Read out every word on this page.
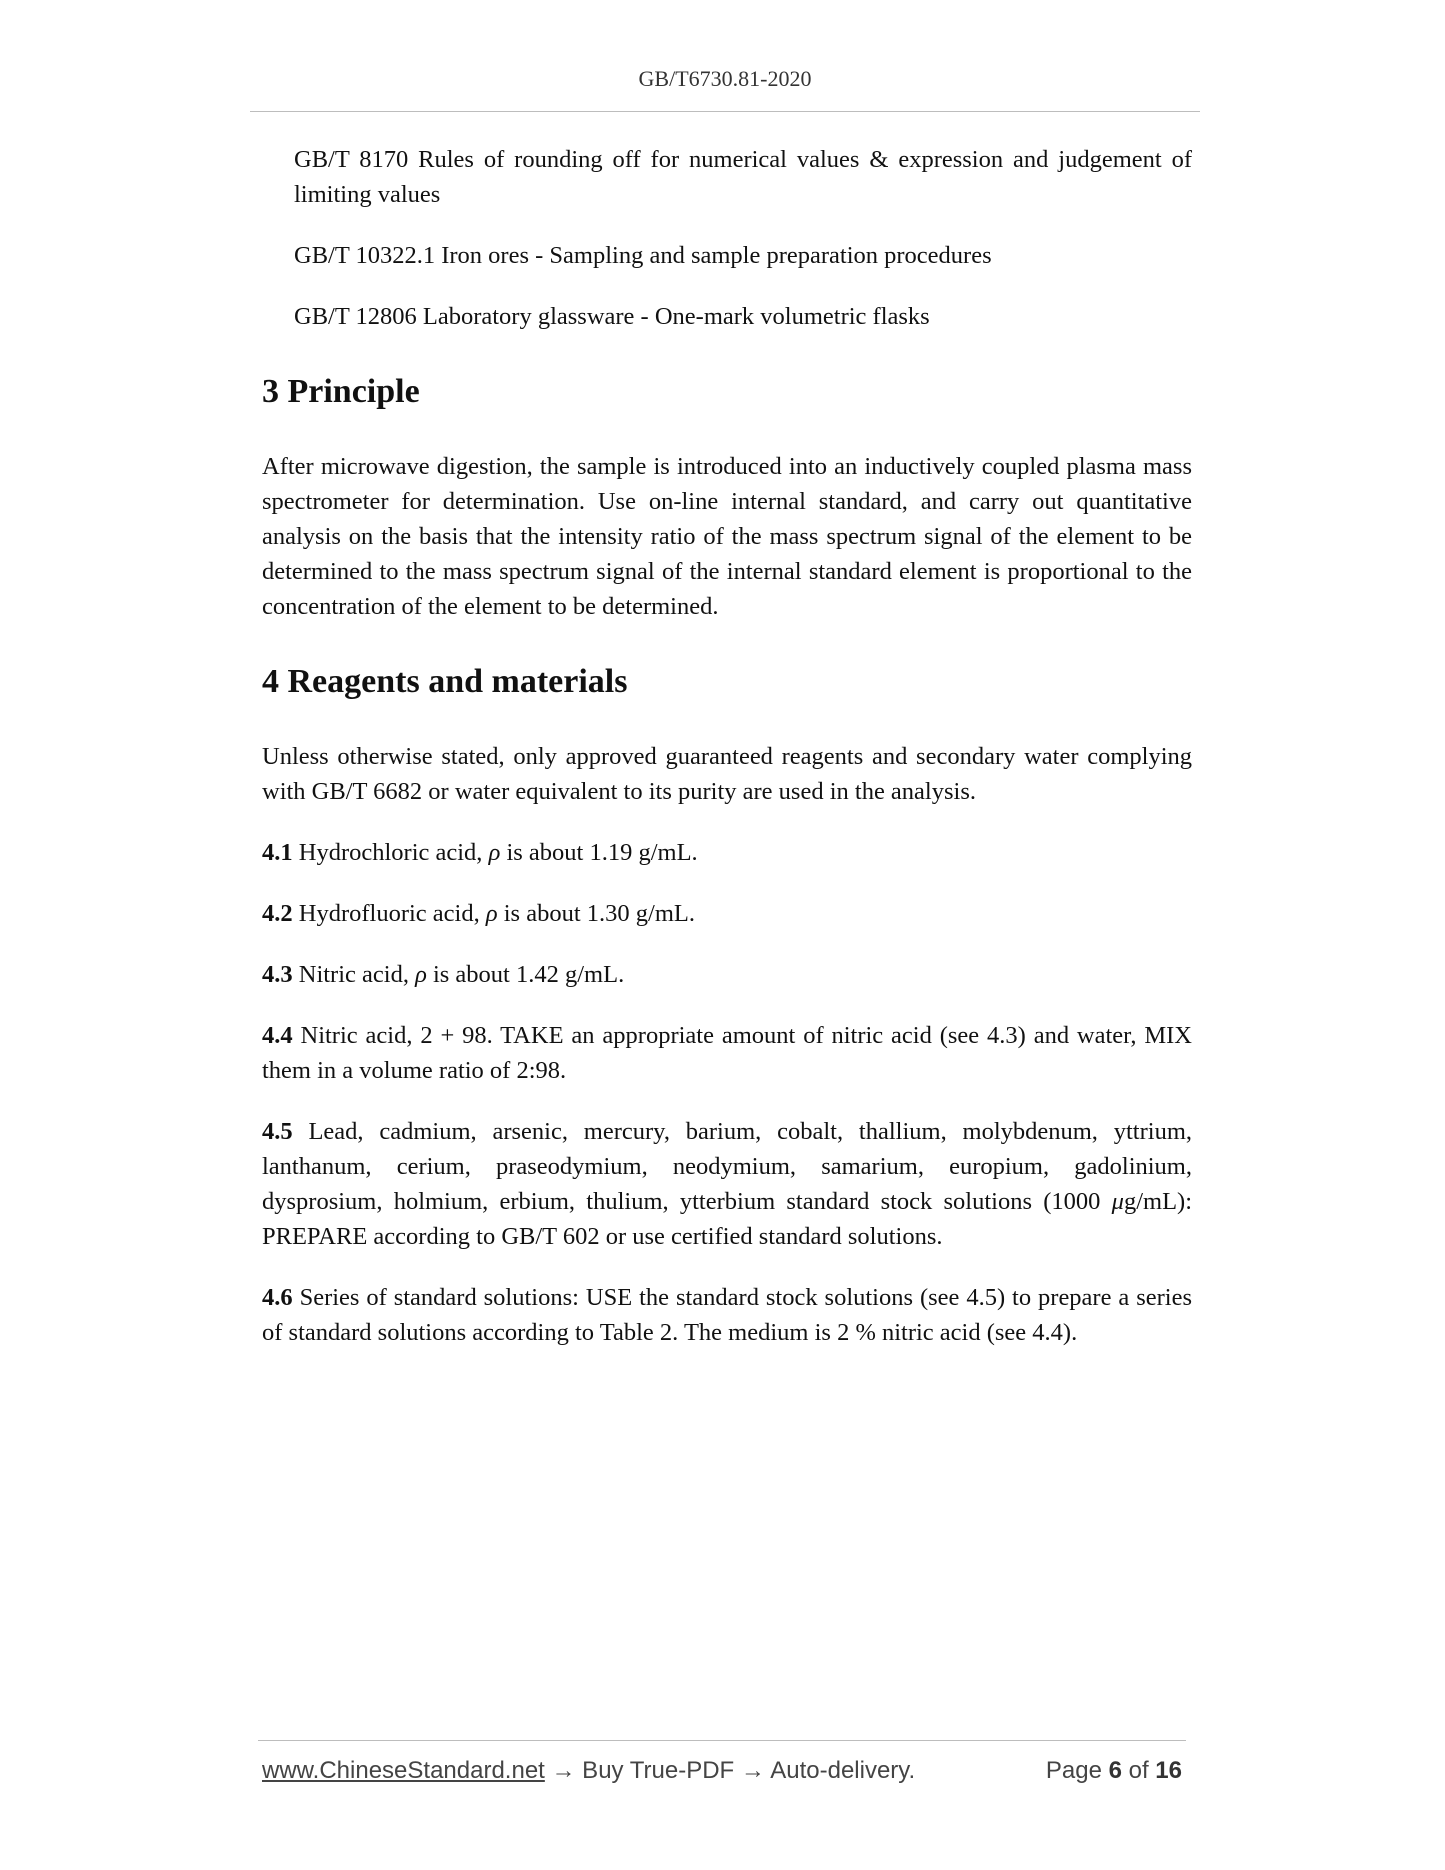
GB/T6730.81-2020

GB/T 8170 Rules of rounding off for numerical values & expression and judgement of limiting values

GB/T 10322.1 Iron ores - Sampling and sample preparation procedures

GB/T 12806 Laboratory glassware - One-mark volumetric flasks

3 Principle

After microwave digestion, the sample is introduced into an inductively coupled plasma mass spectrometer for determination. Use on-line internal standard, and carry out quantitative analysis on the basis that the intensity ratio of the mass spectrum signal of the element to be determined to the mass spectrum signal of the internal standard element is proportional to the concentration of the element to be determined.

4 Reagents and materials

Unless otherwise stated, only approved guaranteed reagents and secondary water complying with GB/T 6682 or water equivalent to its purity are used in the analysis.

4.1 Hydrochloric acid, ρ is about 1.19 g/mL.

4.2 Hydrofluoric acid, ρ is about 1.30 g/mL.

4.3 Nitric acid, ρ is about 1.42 g/mL.

4.4 Nitric acid, 2 + 98. TAKE an appropriate amount of nitric acid (see 4.3) and water, MIX them in a volume ratio of 2:98.

4.5 Lead, cadmium, arsenic, mercury, barium, cobalt, thallium, molybdenum, yttrium, lanthanum, cerium, praseodymium, neodymium, samarium, europium, gadolinium, dysprosium, holmium, erbium, thulium, ytterbium standard stock solutions (1000 μg/mL): PREPARE according to GB/T 602 or use certified standard solutions.

4.6 Series of standard solutions: USE the standard stock solutions (see 4.5) to prepare a series of standard solutions according to Table 2. The medium is 2 % nitric acid (see 4.4).

www.ChineseStandard.net → Buy True-PDF → Auto-delivery.	Page 6 of 16
